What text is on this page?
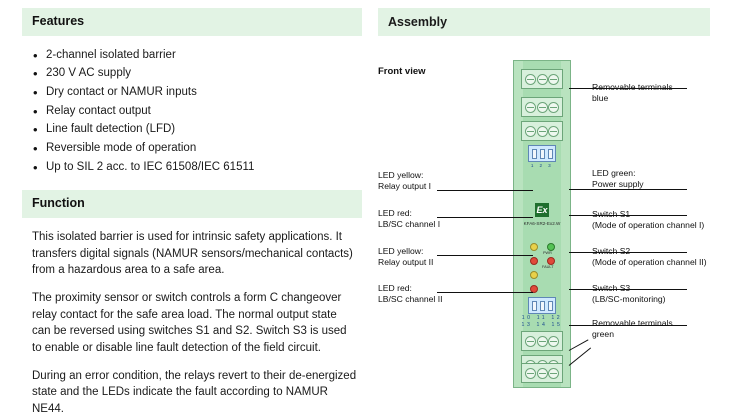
Features
• 2-channel isolated barrier
• 230 V AC supply
• Dry contact or NAMUR inputs
• Relay contact output
• Line fault detection (LFD)
• Reversible mode of operation
• Up to SIL 2 acc. to IEC 61508/IEC 61511
Function

This isolated barrier is used for intrinsic safety applications. It transfers digital signals (NAMUR sensors/mechanical contacts) from a hazardous area to a safe area.

The proximity sensor or switch controls a form C changeover relay contact for the safe area load. The normal output state can be reversed using switches S1 and S2. Switch S3 is used to enable or disable line fault detection of the field circuit.

During an error condition, the relays revert to their de-energized state and the LEDs indicate the fault according to NAMUR NE44.

Assembly
Front view
1 2 3
Ex
KFA6-SR2-Ex2.W
PWR
FAULT
10 11 12
13 14 15
Removable terminals
blue
LED green:
Power supply
Switch S1
(Mode of operation channel I)
Switch S2
(Mode of operation channel II)
Switch S3
(LB/SC-monitoring)
Removable terminals
green
LED yellow:
Relay output I
LED red:
LB/SC channel I
LED yellow:
Relay output II
LED red:
LB/SC channel II
